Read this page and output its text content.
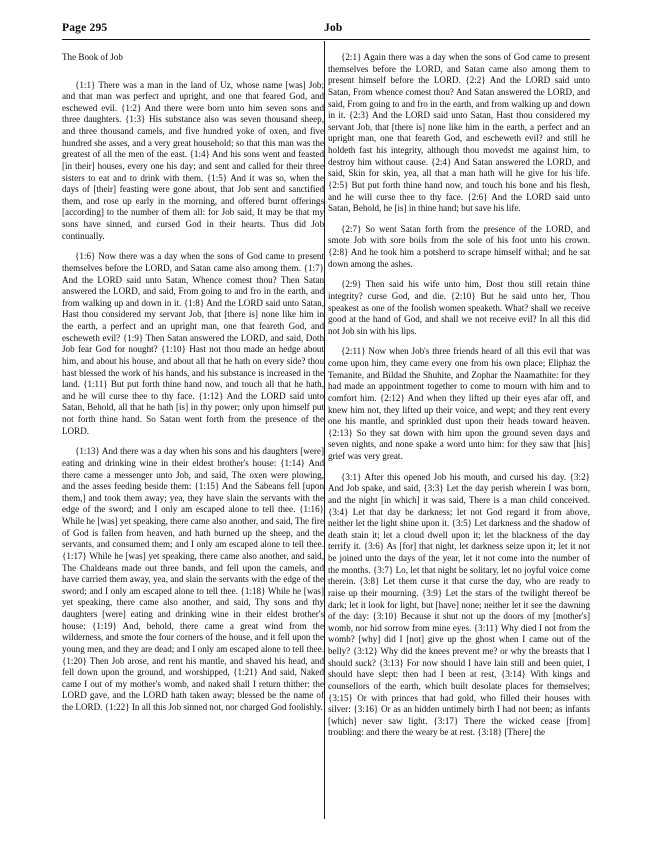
Page 295	Job
The Book of Job

{1:1} There was a man in the land of Uz, whose name [was] Job; and that man was perfect and upright, and one that feared God, and eschewed evil. {1:2} And there were born unto him seven sons and three daughters. {1:3} His substance also was seven thousand sheep, and three thousand camels, and five hundred yoke of oxen, and five hundred she asses, and a very great household; so that this man was the greatest of all the men of the east. {1:4} And his sons went and feasted [in their] houses, every one his day; and sent and called for their three sisters to eat and to drink with them. {1:5} And it was so, when the days of [their] feasting were gone about, that Job sent and sanctified them, and rose up early in the morning, and offered burnt offerings [according] to the number of them all: for Job said, It may be that my sons have sinned, and cursed God in their hearts. Thus did Job continually.

{1:6} Now there was a day when the sons of God came to present themselves before the LORD, and Satan came also among them. {1:7} And the LORD said unto Satan, Whence comest thou? Then Satan answered the LORD, and said, From going to and fro in the earth, and from walking up and down in it. {1:8} And the LORD said unto Satan, Hast thou considered my servant Job, that [there is] none like him in the earth, a perfect and an upright man, one that feareth God, and escheweth evil? {1:9} Then Satan answered the LORD, and said, Doth Job fear God for nought? {1:10} Hast not thou made an hedge about him, and about his house, and about all that he hath on every side? thou hast blessed the work of his hands, and his substance is increased in the land. {1:11} But put forth thine hand now, and touch all that he hath, and he will curse thee to thy face. {1:12} And the LORD said unto Satan, Behold, all that he hath [is] in thy power; only upon himself put not forth thine hand. So Satan went forth from the presence of the LORD.

{1:13} And there was a day when his sons and his daughters [were] eating and drinking wine in their eldest brother's house: {1:14} And there came a messenger unto Job, and said, The oxen were plowing, and the asses feeding beside them: {1:15} And the Sabeans fell [upon them,] and took them away; yea, they have slain the servants with the edge of the sword; and I only am escaped alone to tell thee. {1:16} While he [was] yet speaking, there came also another, and said, The fire of God is fallen from heaven, and hath burned up the sheep, and the servants, and consumed them; and I only am escaped alone to tell thee. {1:17} While he [was] yet speaking, there came also another, and said, The Chaldeans made out three bands, and fell upon the camels, and have carried them away, yea, and slain the servants with the edge of the sword; and I only am escaped alone to tell thee. {1:18} While he [was] yet speaking, there came also another, and said, Thy sons and thy daughters [were] eating and drinking wine in their eldest brother's house: {1:19} And, behold, there came a great wind from the wilderness, and smote the four corners of the house, and it fell upon the young men, and they are dead; and I only am escaped alone to tell thee. {1:20} Then Job arose, and rent his mantle, and shaved his head, and fell down upon the ground, and worshipped, {1:21} And said, Naked came I out of my mother's womb, and naked shall I return thither: the LORD gave, and the LORD hath taken away; blessed be the name of the LORD. {1:22} In all this Job sinned not, nor charged God foolishly.

{2:1} Again there was a day when the sons of God came to present themselves before the LORD, and Satan came also among them to present himself before the LORD. {2:2} And the LORD said unto Satan, From whence comest thou? And Satan answered the LORD, and said, From going to and fro in the earth, and from walking up and down in it. {2:3} And the LORD said unto Satan, Hast thou considered my servant Job, that [there is] none like him in the earth, a perfect and an upright man, one that feareth God, and escheweth evil? and still he holdeth fast his integrity, although thou movedst me against him, to destroy him without cause. {2:4} And Satan answered the LORD, and said, Skin for skin, yea, all that a man hath will he give for his life. {2:5} But put forth thine hand now, and touch his bone and his flesh, and he will curse thee to thy face. {2:6} And the LORD said unto Satan, Behold, he [is] in thine hand; but save his life.

{2:7} So went Satan forth from the presence of the LORD, and smote Job with sore boils from the sole of his foot unto his crown. {2:8} And he took him a potsherd to scrape himself withal; and he sat down among the ashes.

{2:9} Then said his wife unto him, Dost thou still retain thine integrity? curse God, and die. {2:10} But he said unto her, Thou speakest as one of the foolish women speaketh. What? shall we receive good at the hand of God, and shall we not receive evil? In all this did not Job sin with his lips.

{2:11} Now when Job's three friends heard of all this evil that was come upon him, they came every one from his own place; Eliphaz the Temanite, and Bildad the Shuhite, and Zophar the Naamathite: for they had made an appointment together to come to mourn with him and to comfort him. {2:12} And when they lifted up their eyes afar off, and knew him not, they lifted up their voice, and wept; and they rent every one his mantle, and sprinkled dust upon their heads toward heaven. {2:13} So they sat down with him upon the ground seven days and seven nights, and none spake a word unto him: for they saw that [his] grief was very great.

{3:1} After this opened Job his mouth, and cursed his day. {3:2} And Job spake, and said, {3:3} Let the day perish wherein I was born, and the night [in which] it was said, There is a man child conceived. {3:4} Let that day be darkness; let not God regard it from above, neither let the light shine upon it. {3:5} Let darkness and the shadow of death stain it; let a cloud dwell upon it; let the blackness of the day terrify it. {3:6} As [for] that night, let darkness seize upon it; let it not be joined unto the days of the year, let it not come into the number of the months. {3:7} Lo, let that night be solitary, let no joyful voice come therein. {3:8} Let them curse it that curse the day, who are ready to raise up their mourning. {3:9} Let the stars of the twilight thereof be dark; let it look for light, but [have] none; neither let it see the dawning of the day: {3:10} Because it shut not up the doors of my [mother's] womb, nor hid sorrow from mine eyes. {3:11} Why died I not from the womb? [why] did I [not] give up the ghost when I came out of the belly? {3:12} Why did the knees prevent me? or why the breasts that I should suck? {3:13} For now should I have lain still and been quiet, I should have slept: then had I been at rest, {3:14} With kings and counsellors of the earth, which built desolate places for themselves; {3:15} Or with princes that had gold, who filled their houses with silver: {3:16} Or as an hidden untimely birth I had not been; as infants [which] never saw light. {3:17} There the wicked cease [from] troubling: and there the weary be at rest. {3:18} [There] the
